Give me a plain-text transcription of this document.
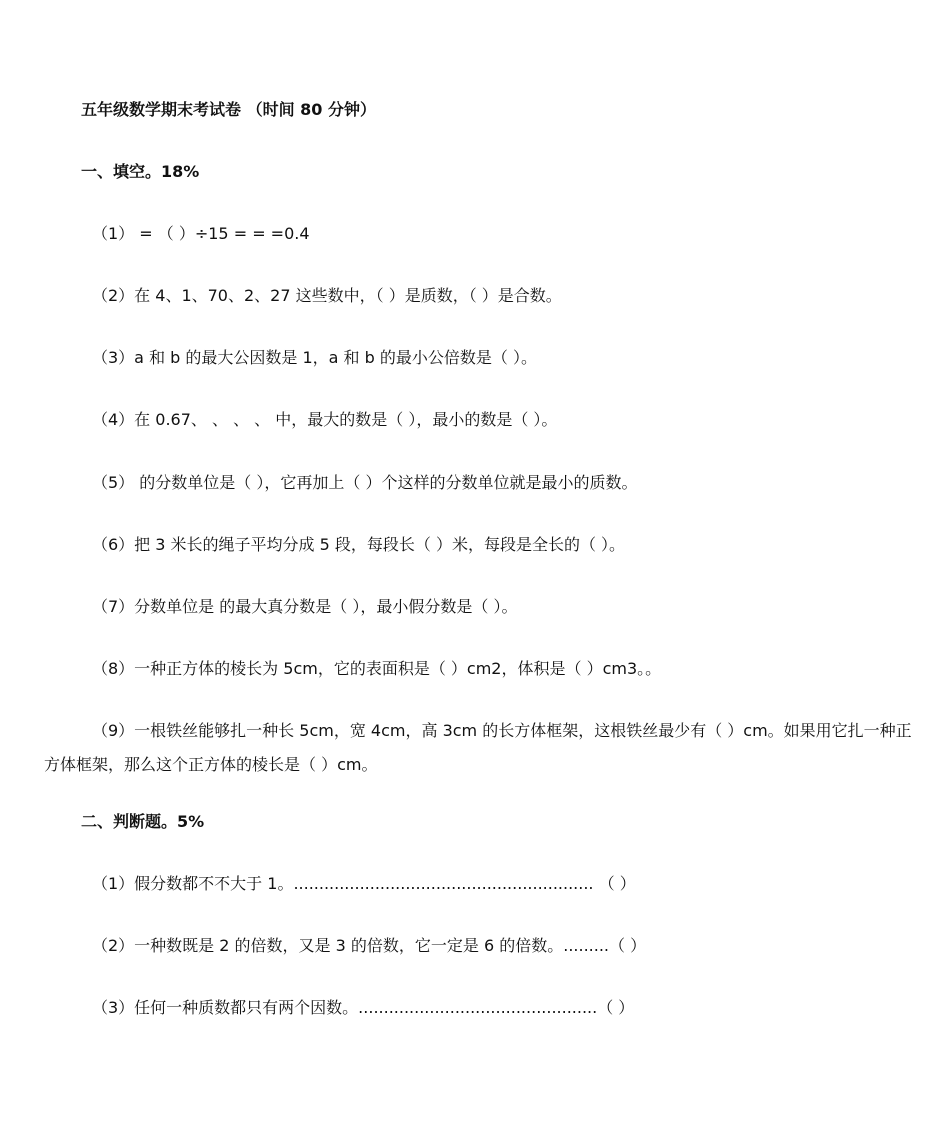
五年级数学期末考试卷 （时间 80 分钟）
一、填空。18%
（1） = （ ）÷15 = = =0.4
（2）在 4、1、70、2、27 这些数中，（ ）是质数，（ ）是合数。
（3）a 和 b 的最大公因数是 1，a 和 b 的最小公倍数是（ ）。
（4）在 0.67、 、 、 、 中，最大的数是（ ），最小的数是（ ）。
（5） 的分数单位是（ ），它再加上（ ）个这样的分数单位就是最小的质数。
（6）把 3 米长的绳子平均分成 5 段，每段长（ ）米，每段是全长的（ ）。
（7）分数单位是 的最大真分数是（ ），最小假分数是（ ）。
（8）一种正方体的棱长为 5cm，它的表面积是（ ）cm2，体积是（ ）cm3。。
（9）一根铁丝能够扎一种长 5cm，宽 4cm，高 3cm 的长方体框架，这根铁丝最少有（ ）cm。如果用它扎一种正方体框架，那么这个正方体的棱长是（ ）cm。
二、判断题。5%
（1）假分数都不不大于 1。........................................................... （ ）
（2）一种数既是 2 的倍数，又是 3 的倍数，它一定是 6 的倍数。.........（ ）
（3）任何一种质数都只有两个因数。...............................................（ ）
